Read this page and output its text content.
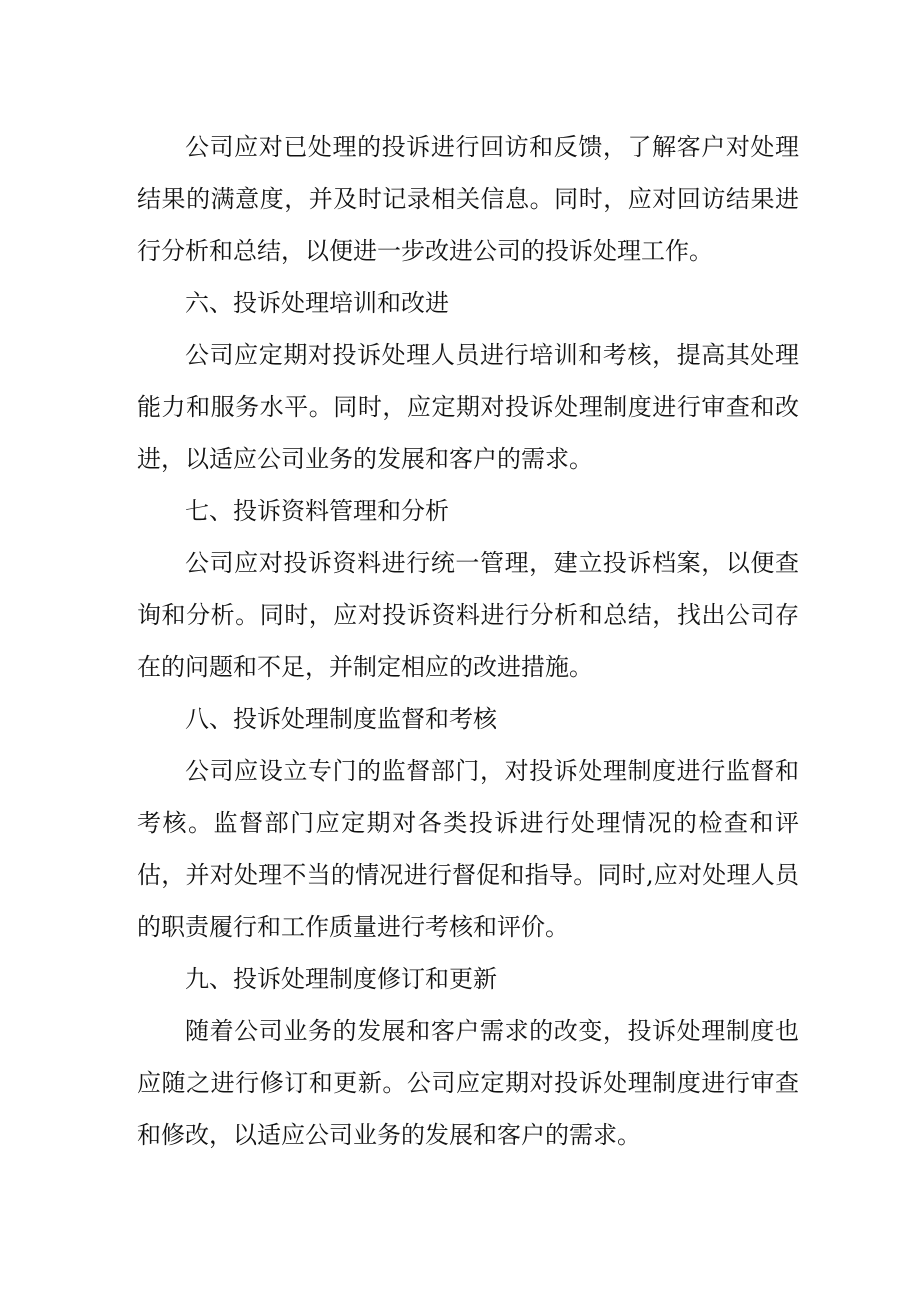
公司应对已处理的投诉进行回访和反馈，了解客户对处理结果的满意度，并及时记录相关信息。同时，应对回访结果进行分析和总结，以便进一步改进公司的投诉处理工作。

六、投诉处理培训和改进

公司应定期对投诉处理人员进行培训和考核，提高其处理能力和服务水平。同时，应定期对投诉处理制度进行审查和改进，以适应公司业务的发展和客户的需求。

七、投诉资料管理和分析

公司应对投诉资料进行统一管理，建立投诉档案，以便查询和分析。同时，应对投诉资料进行分析和总结，找出公司存在的问题和不足，并制定相应的改进措施。

八、投诉处理制度监督和考核

公司应设立专门的监督部门，对投诉处理制度进行监督和考核。监督部门应定期对各类投诉进行处理情况的检查和评估，并对处理不当的情况进行督促和指导。同时,应对处理人员的职责履行和工作质量进行考核和评价。

九、投诉处理制度修订和更新

随着公司业务的发展和客户需求的改变，投诉处理制度也应随之进行修订和更新。公司应定期对投诉处理制度进行审查和修改，以适应公司业务的发展和客户的需求。
